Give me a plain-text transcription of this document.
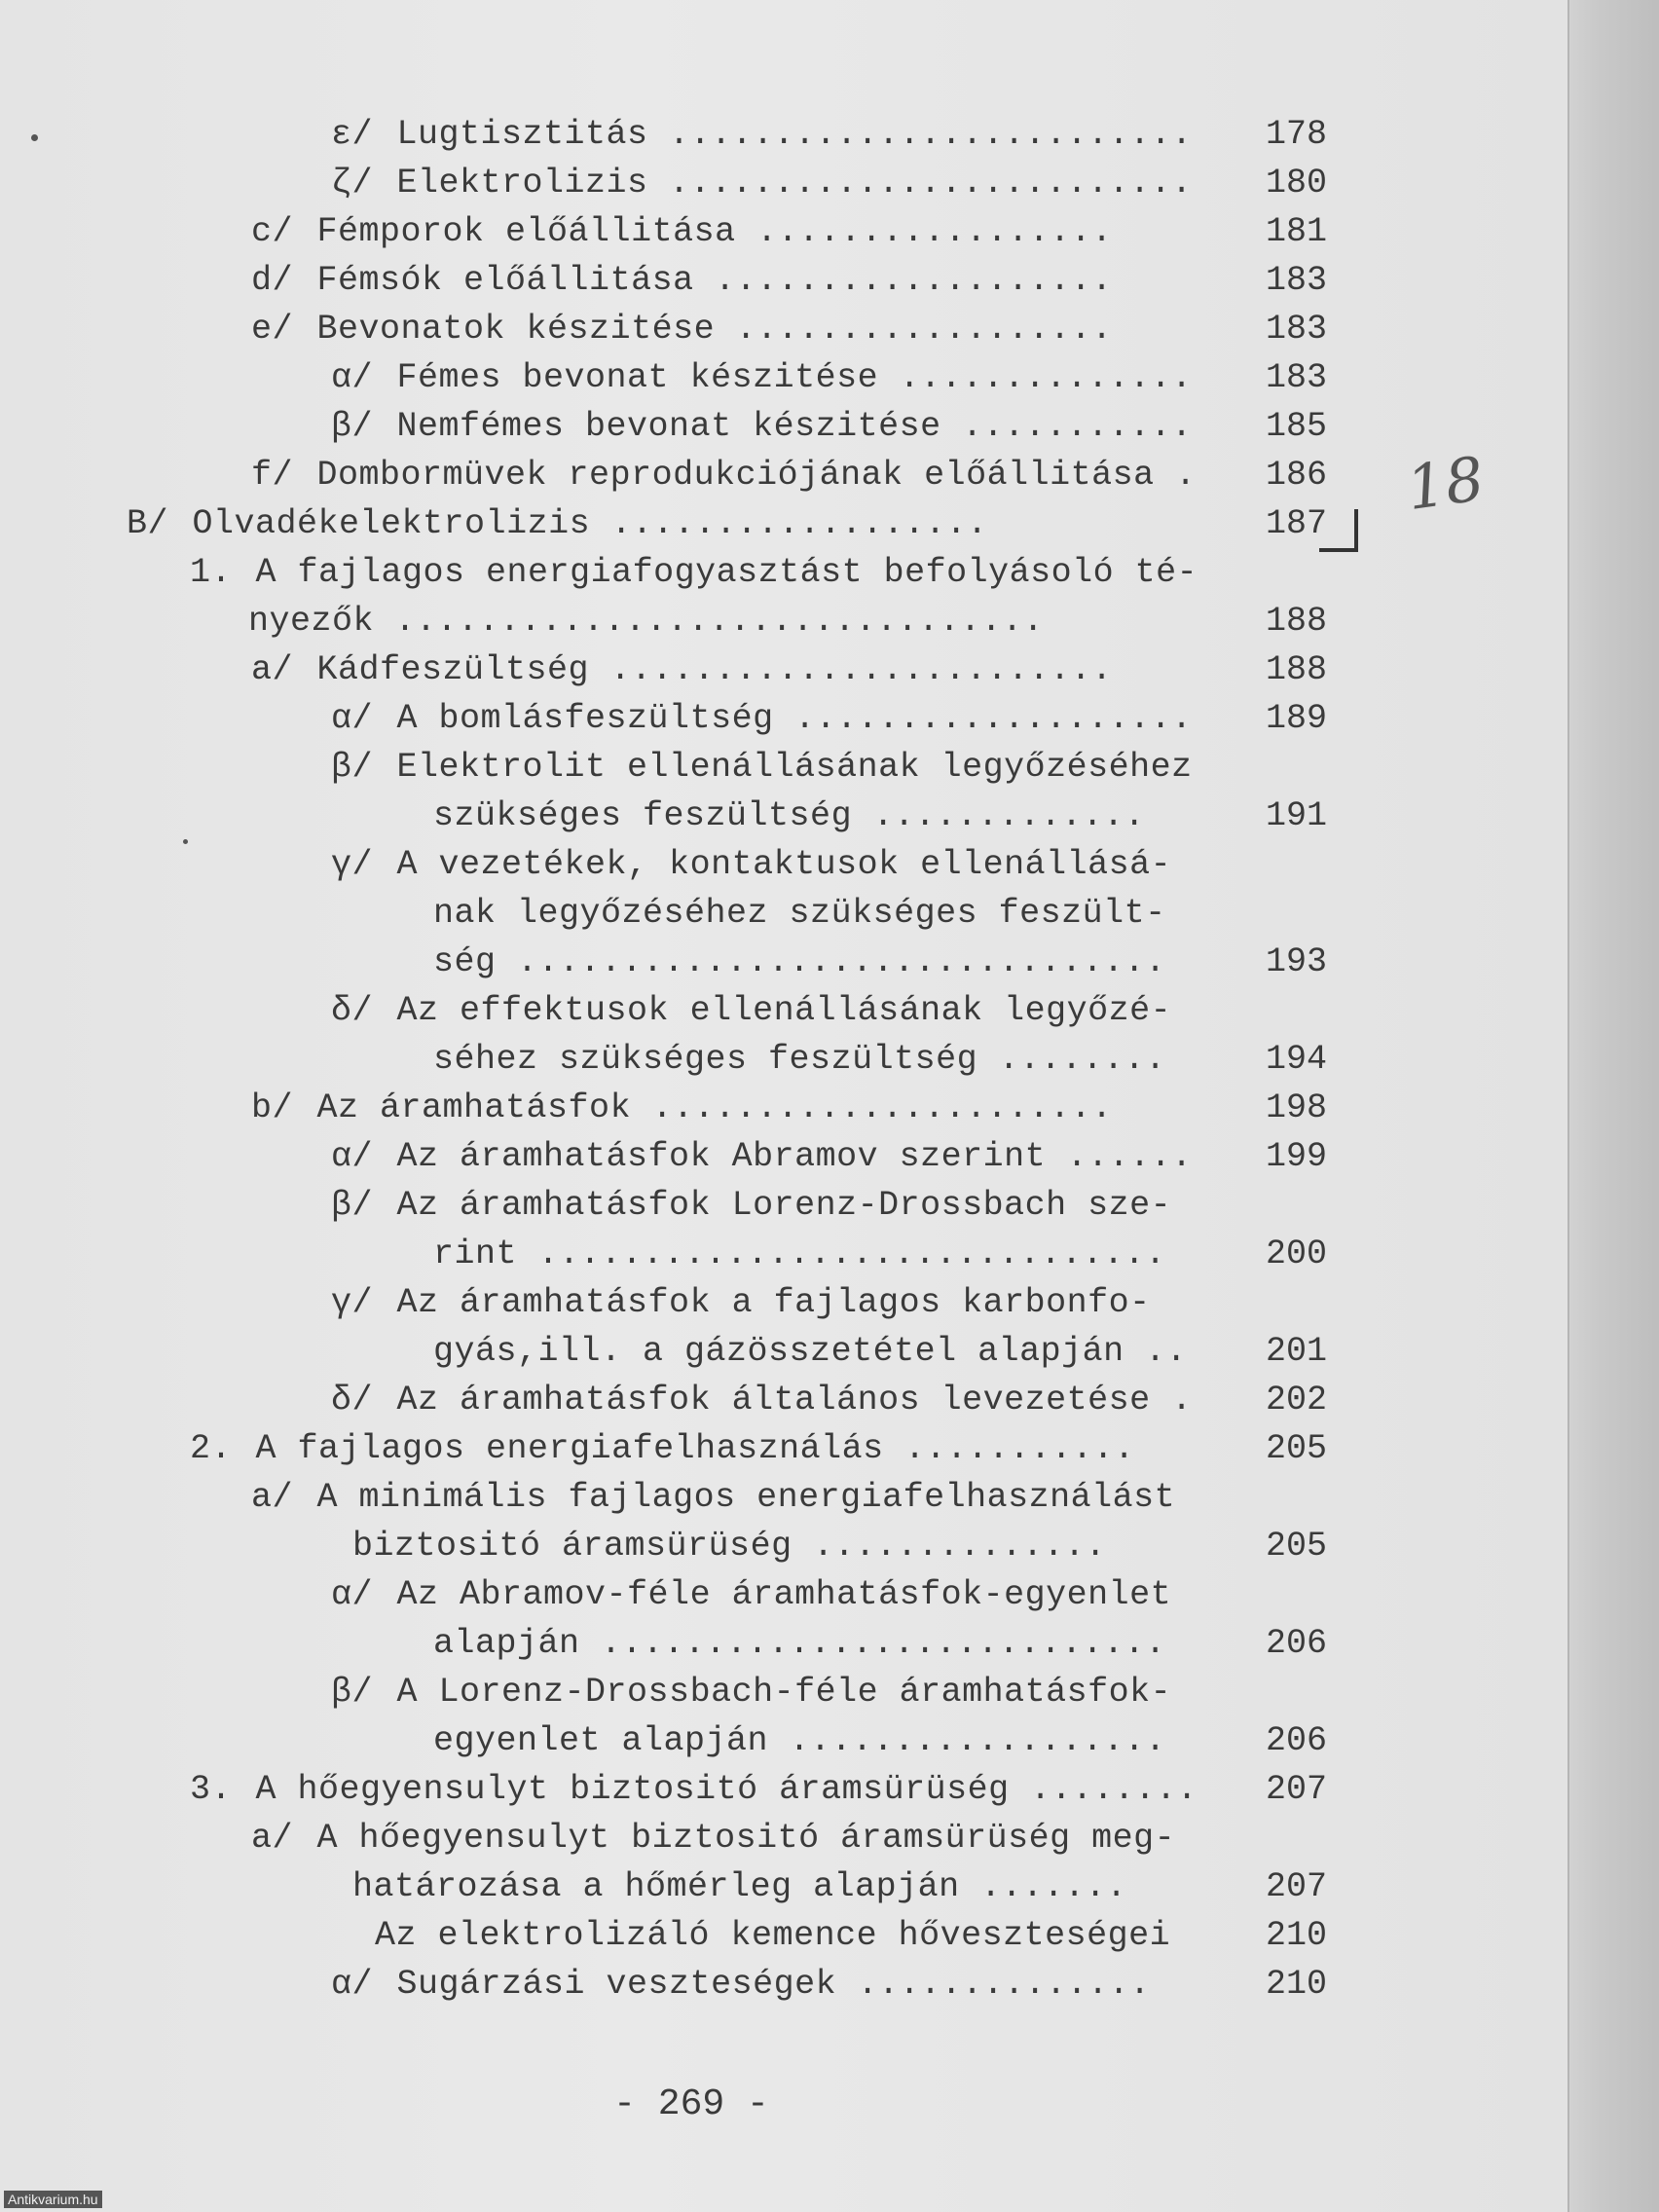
ε/ Lugtisztitás ......................... 178
ζ/ Elektrolizis ......................... 180
c/ Fémporok előállitása .................	181
d/ Fémsók előállitása ...................	183
e/ Bevonatok készitése ..................	183
α/ Fémes bevonat készitése .............. 183
β/ Nemfémes bevonat készitése ........... 185
f/ Dombormüvek reprodukciójának előállitása . 186
B/ Olvadékelektrolizis ..................	187
1. A fajlagos energiafogyasztást befolyásoló té-
nyezők ...............................	188
a/ Kádfeszültség ........................	188
α/ A bomlásfeszültség ................... 189
β/ Elektrolit ellenállásának legyőzéséhez
szükséges feszültség .............	191
γ/ A vezetékek, kontaktusok ellenállásá-
nak legyőzéséhez szükséges feszült-
ség ...............................	193
δ/ Az effektusok ellenállásának legyőzé-
séhez szükséges feszültség ........	194
b/ Az áramhatásfok ......................	198
α/ Az áramhatásfok Abramov szerint ...... 199
β/ Az áramhatásfok Lorenz-Drossbach sze-
rint ..............................	200
γ/ Az áramhatásfok a fajlagos karbonfo-
gyás,ill. a gázösszetétel alapján .. 201
δ/ Az áramhatásfok általános levezetése . 202
2. A fajlagos energiafelhasználás ...........	205
a/ A minimális fajlagos energiafelhasználást
biztositó áramsürüség ..............	205
α/ Az Abramov-féle áramhatásfok-egyenlet
alapján ...........................	206
β/ A Lorenz-Drossbach-féle áramhatásfok-
egyenlet alapján ..................	206
3. A hőegyensulyt biztositó áramsürüség ........ 207
a/ A hőegyensulyt biztositó áramsürüség meg-
határozása a hőmérleg alapján .......	207
Az elektrolizáló kemence hőveszteségei	210
α/ Sugárzási veszteségek ..............	210
18
- 269 -
Antikvarium.hu
